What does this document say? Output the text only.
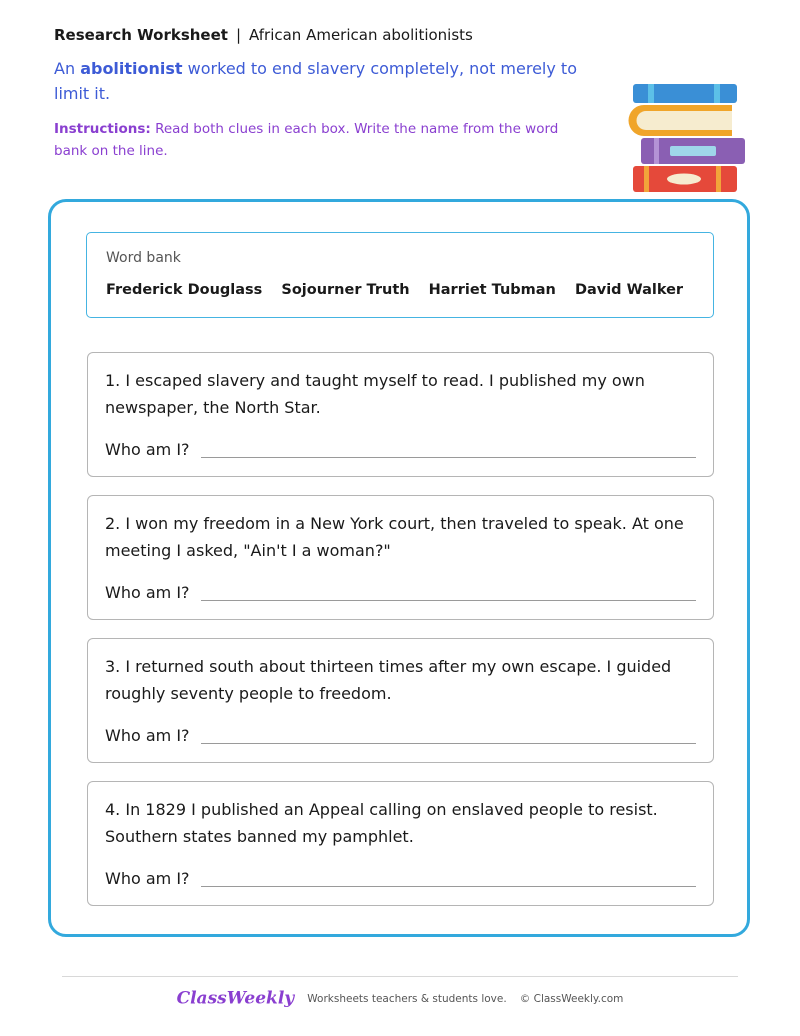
Research Worksheet | African American abolitionists
An abolitionist worked to end slavery completely, not merely to limit it.
Instructions: Read both clues in each box. Write the name from the word bank on the line.
Word bank
Frederick Douglass Sojourner Truth Harriet Tubman David Walker
1. I escaped slavery and taught myself to read. I published my own newspaper, the North Star.
Who am I?
2. I won my freedom in a New York court, then traveled to speak. At one meeting I asked, "Ain't I a woman?"
Who am I?
3. I returned south about thirteen times after my own escape. I guided roughly seventy people to freedom.
Who am I?
4. In 1829 I published an Appeal calling on enslaved people to resist. Southern states banned my pamphlet.
Who am I?
ClassWeekly Worksheets teachers & students love. © ClassWeekly.com
